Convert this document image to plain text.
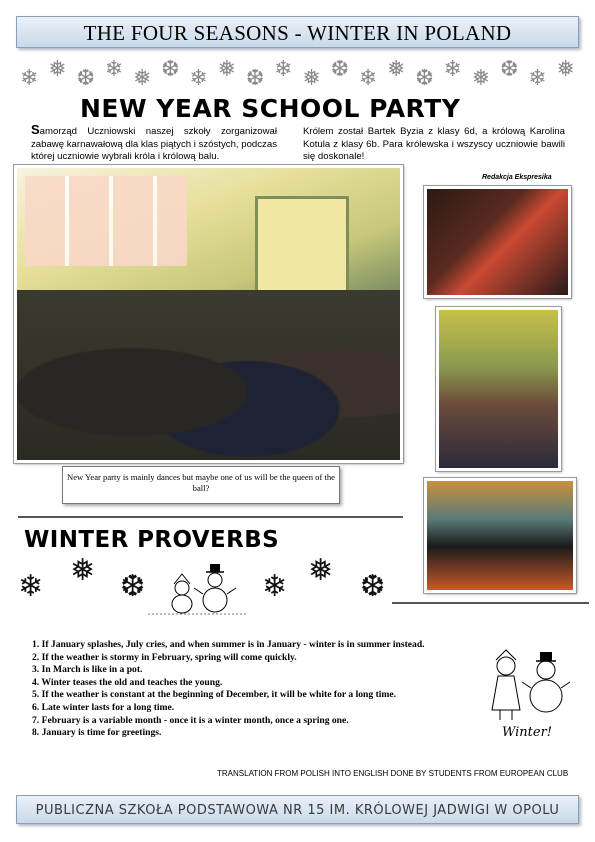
THE FOUR SEASONS - WINTER IN POLAND
❄ ❅ ❆ ❄ ❅ ❆ ❄ ❅ ❆ ❄ ❅ ❆ ❄ ❅ ❆ ❄ ❅ ❆ ❄ ❅
NEW YEAR SCHOOL PARTY

Samorząd Uczniowski naszej szkoły zorganizował zabawę karnawałową dla klas piątych i szóstych, podczas której uczniowie wybrali króla i królową balu.

Królem został Bartek Byzia z klasy 6d, a królową Karolina Kotula z klasy 6b. Para królewska i wszyscy uczniowie bawili się doskonale!

Redakcja Ekspresika
New Year party is mainly dances but maybe one of us will be the queen of the ball?
WINTER PROVERBS
❄ ❅ ❆	❄ ❅ ❆
1. If January splashes, July cries, and when summer is in January - winter is in summer instead.
2. If the weather is stormy in February, spring will come quickly.
3. In March is like in a pot.
4. Winter teases the old and teaches the young.
5. If the weather is constant at the beginning of December, it will be white for a long time.
6. Late winter lasts for a long time.
7. February is a variable month - once it is a winter month, once a spring one.
8. January is time for greetings.	Winter!
TRANSLATION FROM POLISH INTO ENGLISH DONE BY STUDENTS FROM EUROPEAN CLUB
PUBLICZNA SZKOŁA PODSTAWOWA NR 15 IM. KRÓLOWEJ JADWIGI W OPOLU
